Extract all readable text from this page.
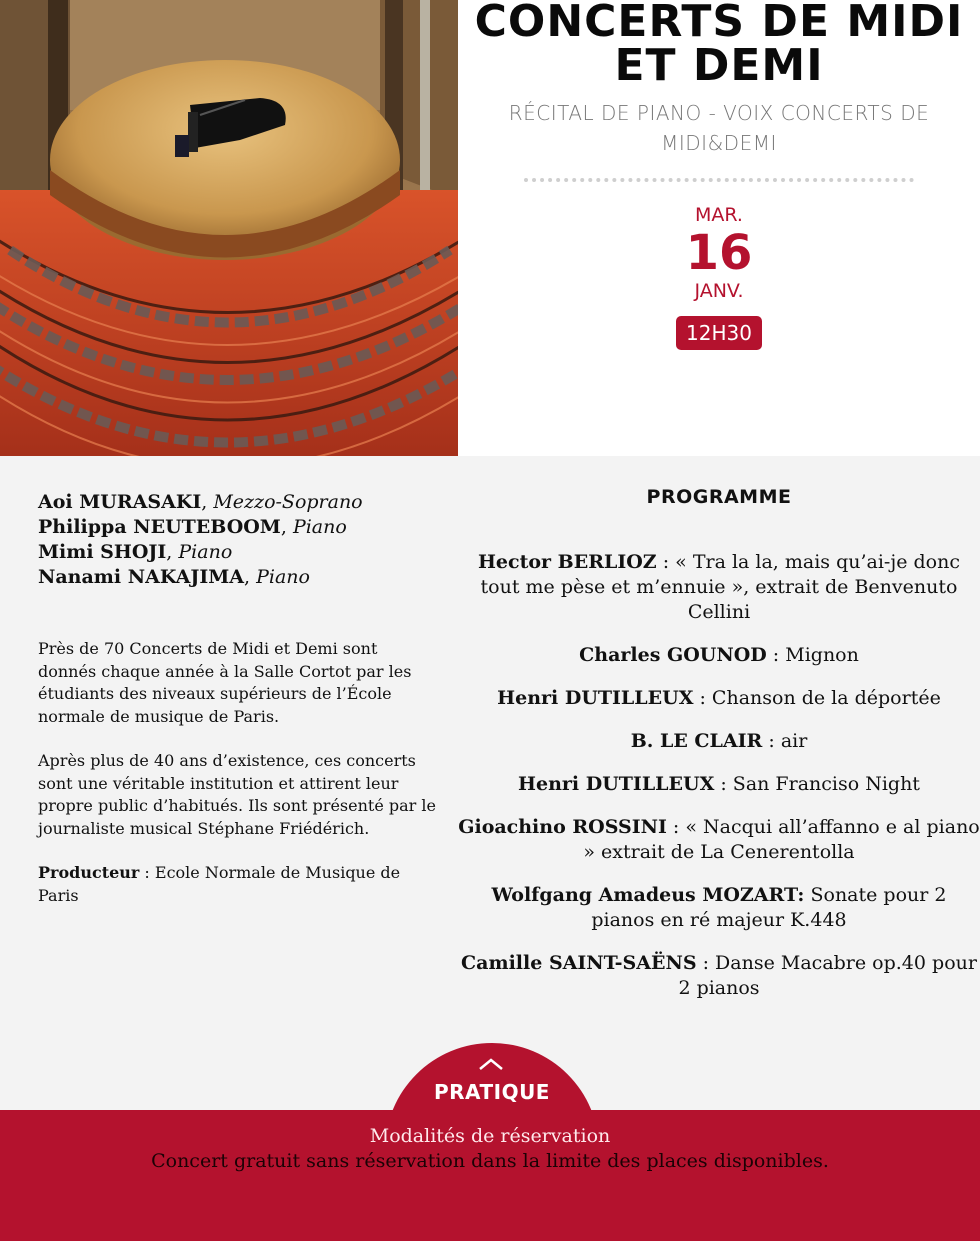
CONCERTS DE MIDI
ET DEMI
RÉCITAL DE PIANO - VOIX CONCERTS DE MIDI&DEMI
MAR.
16
JANV.
12H30
Aoi MURASAKI, Mezzo-Soprano
Philippa NEUTEBOOM, Piano
Mimi SHOJI, Piano
Nanami NAKAJIMA, Piano

Près de 70 Concerts de Midi et Demi sont donnés chaque année à la Salle Cortot par les étudiants des niveaux supérieurs de l’École normale de musique de Paris.

Après plus de 40 ans d’existence, ces concerts sont une véritable institution et attirent leur propre public d’habitués. Ils sont présenté par le journaliste musical Stéphane Friédérich.

Producteur : Ecole Normale de Musique de Paris

PROGRAMME
Hector BERLIOZ : « Tra la la, mais qu’ai-je donc tout me pèse et m’ennuie », extrait de Benvenuto Cellini
Charles GOUNOD : Mignon
Henri DUTILLEUX : Chanson de la déportée
B. LE CLAIR : air
Henri DUTILLEUX : San Franciso Night
Gioachino ROSSINI : « Nacqui all’affanno e al piano » extrait de La Cenerentolla
Wolfgang Amadeus MOZART: Sonate pour 2 pianos en ré majeur K.448
Camille SAINT-SAËNS : Danse Macabre op.40 pour 2 pianos
PRATIQUE
Modalités de réservation
Concert gratuit sans réservation dans la limite des places disponibles.
